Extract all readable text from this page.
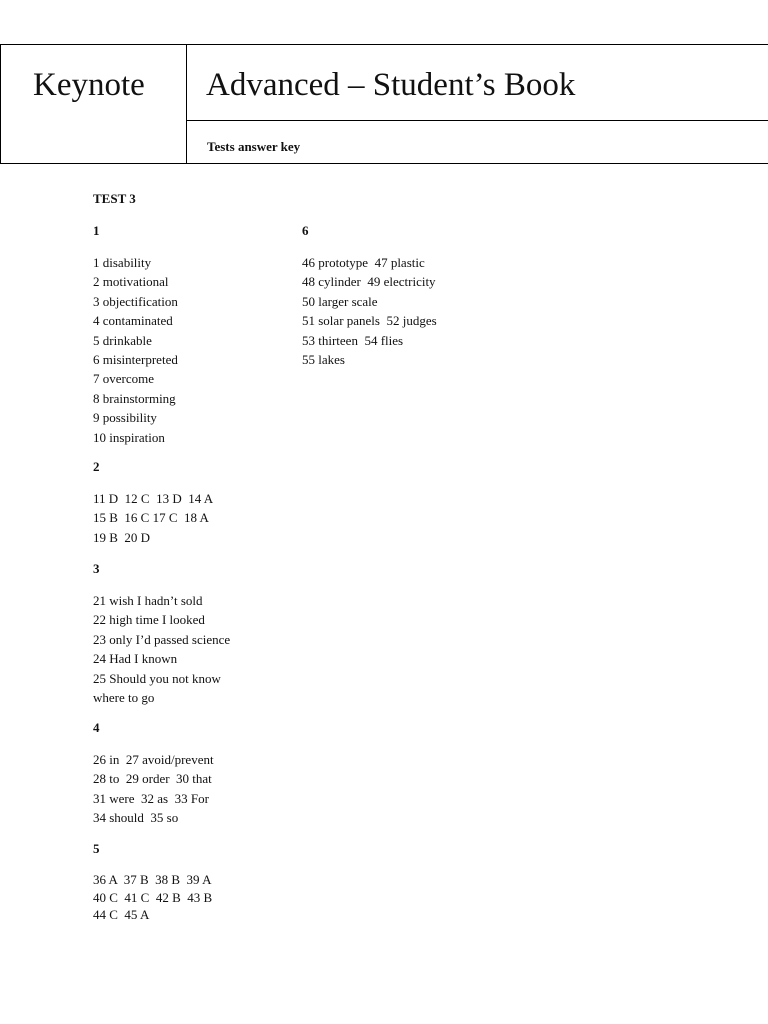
Keynote Advanced – Student’s Book
Tests answer key
TEST 3
1
1 disability
2 motivational
3 objectification
4 contaminated
5 drinkable
6 misinterpreted
7 overcome
8 brainstorming
9 possibility
10 inspiration
2
11 D  12 C  13 D  14 A
15 B  16 C 17 C  18 A
19 B  20 D
3
21 wish I hadn’t sold
22 high time I looked
23 only I’d passed science
24 Had I known
25 Should you not know
where to go
4
26 in  27 avoid/prevent
28 to  29 order  30 that
31 were  32 as  33 For
34 should  35 so
5
36 A  37 B  38 B  39 A
40 C  41 C  42 B  43 B
44 C  45 A
6
46 prototype  47 plastic
48 cylinder  49 electricity
50 larger scale
51 solar panels  52 judges
53 thirteen  54 flies
55 lakes
